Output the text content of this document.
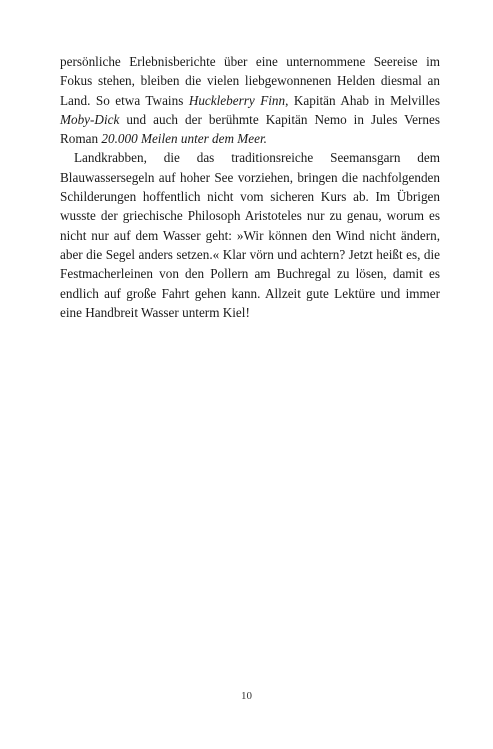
persönliche Erlebnisberichte über eine unternommene Seereise im Fokus stehen, bleiben die vielen liebgewonnenen Helden diesmal an Land. So etwa Twains Huckleberry Finn, Kapitän Ahab in Melvilles Moby-Dick und auch der berühmte Kapitän Nemo in Jules Vernes Roman 20.000 Meilen unter dem Meer.

Landkrabben, die das traditionsreiche Seemansgarn dem Blauwassersegeln auf hoher See vorziehen, bringen die nachfolgenden Schilderungen hoffentlich nicht vom sicheren Kurs ab. Im Übrigen wusste der griechische Philosoph Aristoteles nur zu genau, worum es nicht nur auf dem Wasser geht: »Wir können den Wind nicht ändern, aber die Segel anders setzen.« Klar vörn und achtern? Jetzt heißt es, die Festmacherleinen von den Pollern am Buchregal zu lösen, damit es endlich auf große Fahrt gehen kann. Allzeit gute Lektüre und immer eine Handbreit Wasser unterm Kiel!

10
